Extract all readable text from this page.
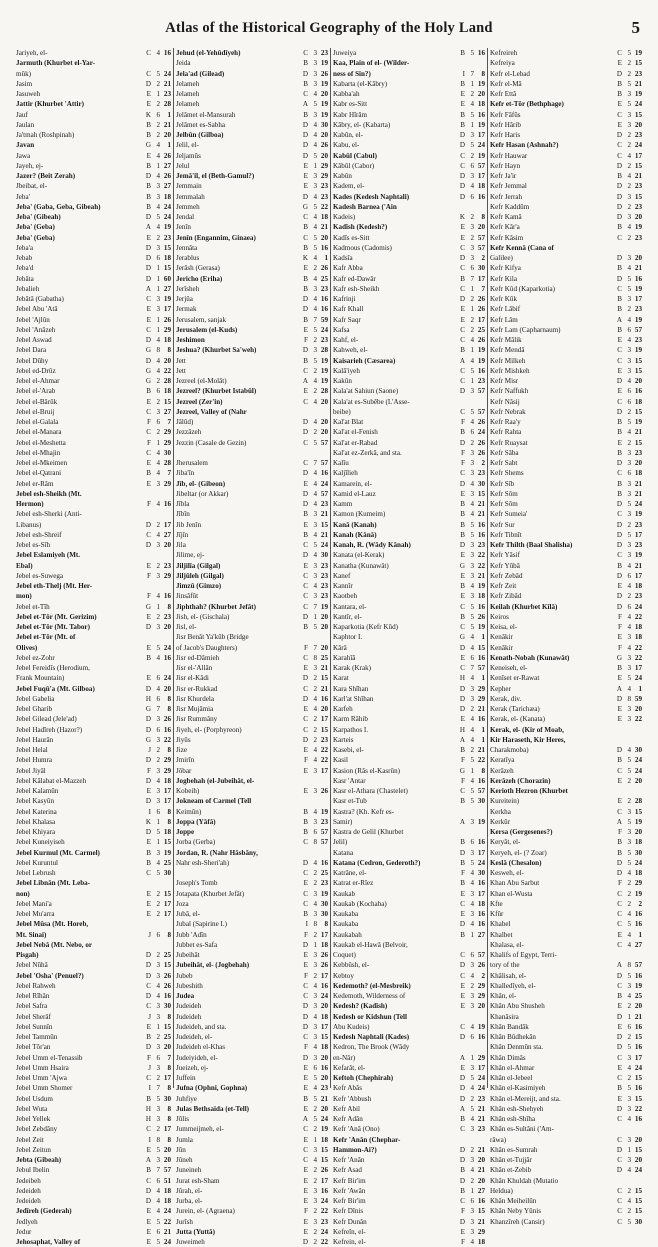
Atlas of the Historical Geography of the Holy Land	5
Jariyeh, el-	C 4 16
Jarmuth (Khurbet el-Yar-
mûk)	C 5 24
Jasim	D 2 21
Jasuweh	E 1 23
Jattir (Khurbet 'Attir)	E 2 28
Jauf	K 6	1
Jaulan	B 2 21
Ja'tmah (Roshpinah)	B 2 20
Javan	G 4	1
Jawa	E 4 26
Jayeh, ej-	B 1 27
Jazer? (Beit Zerah)	D 4 26
Jbeibat, el-	B 3 27
Jeba'	B 3 18
Jeba' (Gaba, Geba, Gibeah)	B 4 24
Jeba' (Gibeah)	D 5 24
Jeba' (Geba)	A 4 19
Jeba' (Geba)	E 2 23
Jeba'a	D 3 15
Jebab	D 6 18
Jeba'd	D 1 15
Jebâta	D 1 60
Jebalieh	A 1 27
Jebâtâ (Gabatha)	C 3 19
Jebel Abu 'Atâ	E 3 17
Jebel 'Ajlûn	E 1 26
Jebel 'Anâzeh	C 1 29
Jebel Aswad	D 4 18
Jebel Dara	G 8	8
Jebel Dûhy	D 4 20
Jebel ed-Drûz	G 4 22
Jebel el-Ahmar	G 2 28
Jebel el-'Arab	B 6 18
Jebel el-Bârûk	E 2 15
Jebel el-Bruij	C 3 27
Jebel el-Galala	F 6	7
Jebel el-Manara	C 2 29
Jebel el-Meshetta	F 1 29
Jebel el-Mhajin	C 4 30
Jebel el-Mkeimen	E 4 28
Jebel el-Qatrani	B 4	7
Jebel er-Râm	E 3 29
Jebel esh-Sheikh (Mt.
Hermon)	F 4 16
Jebel esh-Sherki (Anti-
Libanus)	D 2 17
Jebel esh-Shreif	C 4 27
Jebel es-Sîh	D 3 20
Jebel Eslamiyeh (Mt.
Ebal)	E 2 23
Jebel es-Suwega	F 3 29
Jebel eth-Thelj (Mt. Her-
mon)	F 4 16
Jebel et-Tîh	G 1	8
Jebel et-Tôr (Mt. Gerizim)	E 2 23
Jebel et-Tôr (Mt. Tabor)	D 3 20
Jebel et-Tôr (Mt. of
Olives)	E 5 24
Jebel ez-Zohr	B 4 16
Jebel Fereidîs (Herodium,
Frank Mountain)	E 6 24
Jebel Fuqû'a (Mt. Gilboa)	D 4 20
Jebel Gabelia	H 6	8
Jebel Gharib	G 7	8
Jebel Gilead (Jele'ad)	D 3 26
Jebel Hadîreh (Hazor?)	D 6 16
Jebel Haurân	G 3 22
Jebel Helal	J 2	8
Jebel Humra	D 2 29
Jebel Jiyâl	F 3 29
Jebel Kâlabat el-Mazzeh	D 4 18
Jebel Kalamûn	E 3 17
Jebel Kasyûn	D 3 17
Jebel Katerina	I 6	8
Jebel Khalasa	K 1	8
Jebel Khiyara	D 5 18
Jebel Kuneiyiseh	E 1 15
Jebel Kurmul (Mt. Carmel)	B 3 19
Jebel Kuruntul	B 4 25
Jebel Lebrush	C 5 30
Jebel Libnân (Mt. Leba-
non)	E 2 15
Jebel Mani'a	E 2 17
Jebel Mu'arra	E 2 17
Jebel Mûsa (Mt. Horeb,
Mt. Sinai)	J 6	8
Jebel Nebâ (Mt. Nebo, or
Pisgah)	D 2 25
Jebel Nûhâ	D 3 15
Jebel 'Osha' (Penuel?)	D 3 26
Jebel Rahweh	C 4 26
Jebel Rîhân	D 4 16
Jebel Safra	C 3 30
Jebel Sherâf	J 3	8
Jebel Sunnîn	E 1 15
Jebel Tammûn	B 2 25
Jebel Tôr'an	D 3 20
Jebel Umm el-Tenassib	F 6	7
Jebel Umm Hsaira	J 3	8
Jebel Umm 'Ajwa	C 2 17
Jebel Umm Shomer	I 7	8
Jebel Usdum	B 5 30
Jebel Wuta	H 3	8
Jebel Yellek	H 3	8
Jebel Zebdâny	C 2 17
Jebel Zeit	I 8	8
Jebel Zeitun	E 5 20
Jebta (Gibeah)	A 3 20
Jebul Ibelin	B 7 57
Jedeibeh	C 6 51
Jedeideh	D 4 18
Jedeideh	D 4 18
Jedîreh (Gederah)	E 4 24
Jedlyeh	E 5 22
Jedur	E 6 21
Jehosaphat, Valley of	E 5 24
Jehud (el-Yehûdîyeh)	C 3 23
Jeida	B 3 19
Jela'ad (Gilead)	D 3 26
Jelameh	B 3 19
Jelameh	C 4 20
Jelameh	A 5 19
Jelâmet el-Mansurah	B 3 19
Jelâmet es-Sabha	D 4 30
Jelbûn (Gilboa)	D 4 20
Jelil, el-	D 4 26
Jeljamûs	D 5 20
Jelul	E 1 29
Jemâ'il, el (Beth-Gamul?)	E 3 29
Jemmain	E 3 23
Jemmalah	D 4 23
Jemmeh	G 5 22
Jendal	C 4 18
Jenîn	B 4 21
Jenîn (Engannim, Ginaea)	C 5 20
Jennâta	B 5 16
Jerablus	K 4	1
Jerâsh (Gerasa)	E 2 26
Jericho (Eriha)	B 4 25
Jerîsheh	B 3 23
Jerjûa	D 4 16
Jermak	D 4 16
Jerusalem, sanjak	B 7 59
Jerusalem (el-Kuds)	E 5 24
Jeshimon	F 2 23
Jeshua? (Khurbet Sa'weh)	D 3 28
Jett	B 5 19
Jett	C 2 19
Jezreel (el-Molât)	A 4 19
Jezreel? (Khurbet Istabûl)	E 2 28
Jezreel (Zer'in)	C 4 20
Jezreel, Valley of (Nahr
Jâlûd)	D 4 20
Jezzâzeh	D 2 20
Jezzin (Casale de Gezin)	C 5 57
Jherusalem	C 7 57
Jiba'în	D 4 16
Jîb, el- (Gibeon)	E 4 24
Jibeltar (or Akkar)	D 4 57
Jîbla	D 4 23
Jîbîn	B 3 21
Jib Jenîn	E 3 15
Jîjîn	B 4 21
Jila	C 5 24
Jilime, ej-	D 4 30
Jiljilîa (Gilgal)	E 3 23
Jiljûleh (Gilgal)	C 3 23
Jimzû (Gimzo)	C 4 23
Jinsâfût	C 3 23
Jiphthah? (Khurbet Jefât)	C 7 19
Jish, el- (Gischala)	D 1 20
Jisl, el-	B 5 20
Jisr Benât Ya'kûb (Bridge
of Jacob's Daughters)	F 7 20
Jisr ed-Dâmieh	C 8 25
Jisr el-'Allân	E 3 21
Jisr el-Kâdi	D 2 15
Jisr er-Rukkad	C 2 21
Jisr Khurdela	D 4 16
Jisr Mujâmia	E 4 20
Jisr Rummâny	C 2 17
Jiyeh, el- (Porphyreon)	C 2 15
Jiyûs	D 2 23
Jize	E 4 22
Jmirîn	F 4 22
Jôbar	E 3 17
Jogbehah (el-Jubeihât, el-
Kobeih)	E 3 26
Jokneam of Carmel (Tell
Keimûn)	B 4 19
Joppa (Yâfâ)	B 3 23
Joppe	B 6 57
Jorba (Gerba)	C 8 57
Jordan, R. (Nahr Hâsbâny,
Nahr esh-Sheri'ah)	D 4 16
C 2 25
Joseph's Tomb	E 2 23
Jotapata (Khurbet Jefât)	C 3 19
Joza	C 4 30
Jubâ, el-	B 3 30
Jubal (Sapirine I.)	I 8	8
Jubb 'Adîn	F 2 17
Jubbet es-Safa	D 1 18
Jubeihât	E 3 26
Jubeihât, el- (Jogbehah)	E 3 26
Jubeb	F 2 17
Jubeshith	C 4 16
Judea	C 3 24
Judeideh	D 3 20
Judeideh	D 4 18
Judeideh, and sta.	D 3 17
Judeideh, el-	C 3 15
Judeideh el-Khas	F 4 18
Judeiyideh, el-	D 3 20
Jueizeh, ej-	E 6 16
Juffein	E 5 20
Jufna (Ophni, Gophna)	E 4 23
Juhfiye	B 5 21
Julas Bethsaida (et-Tell)	E 2 20
Jûlis	A 5 24
Jummeijmeh, el-	C 2 19
Jumla	E 1 18
Jûn	C 3 15
Jûneh	C 4 15
Juneineh	E 2 26
Jurat esh-Sham	E 2 17
Jûrah, el-	E 3 16
Jurba, el-	E 3 24
Jurein, el- (Agraena)	F 2 22
Jurîsh	E 3 23
Jutta (Yuttâ)	E 2 24
Juweimeh	D 2 22
Juweiya	B 5 16
Kaa, Plain of el- (Wilder-
ness of Sin?)	I 7	8
Kabarta (el-Kâbry)	B 1 19
Kabba'ah	E 2 20
Kabr es-Sitt	E 4 18
Kabr Hîrâm	B 5 16
Kâbry, el- (Kabarta)	B 1 19
Kabûn, el-	D 3 17
Kabu, el-	D 5 24
Kabûl (Cabul)	C 2 19
Kâbûl (Cabor)	C 6 57
Kabûn	D 3 17
Kadem, el-	D 4 18
Kades (Kedesh Naphtali)	D 6 16
Kadesh Barnea ('Ain
Kadeis)	K 2	8
Kadîsh (Kedesh?)	E 3 20
Kadîs es-Sitt	E 2 57
Kadmous (Cadomis)	C 3 57
Kadsîa	D 3	2
Kafr Abba	C 6 30
Kafr ed-Dawâr	B 7 17
Kafr esh-Sheikh	C 1	7
Kafrinji	D 2 26
Kafr Khall	E 1 26
Kafr Saqr	E 2 17
Kafsa	C 2 25
Kahf, el-	C 4 26
Kahweh, el-	B 1 19
Kaisarieh (Cæsarea)	A 4 19
Kalâ'iyeh	C 5 16
Kakûn	C 1 23
Kala'at Sahiun (Saone)	D 3 57
Kala'at es-Subêbe (L'Asse-
beibe)	C 5 57
Kal'at Blat	F 4 26
Kal'at el-Fenish	B 6 24
Kal'at er-Rabad	D 2 26
Kal'at ez-Zerkâ, and sta.	F 3 26
Kalîu	F 3	2
Kaljîlieh	C 3 23
Kamarein, el-	D 4 30
Kamid el-Lauz	E 3 15
Kamm	B 4 21
Kamon (Kumeim)	B 4 21
Kanâ (Kanah)	B 5 16
Kanah (Kânâ)	B 5 16
Kanah, R. (Wâdy Kânah)	D 3 23
Kanata (el-Kerak)	E 3 22
Kanatha (Kunawât)	G 3 22
Kanef	E 3 21
Kannîr	B 4 19
Kaotbeh	E 3 18
Kantara, el-	C 5 16
Kantîr, el-	B 5 26
Kaparkotia (Kefr Kûd)	C 5 19
Kaphtor I.	G 4	1
Kârâ	D 4 15
Karahîâ	E 6 16
Karak (Krak)	C 7 57
Karat	H 4	1
Kara Shîhan	D 3 29
Karl'at Shîhan	D 3 29
Karfeh	D 2 21
Karm Râhib	E 4 16
Karpathos I.	H 4	1
Karteis	A 4	1
Kasebi, el-	B 2 21
Kasil	F 5 22
Kasion (Râs el-Kasrûn)	G 1	8
Kasr 'Antar	F 4 16
Kasr el-Athara (Chastelet)	C 5 57
Kasr et-Tub	B 5 30
Kastra? (Kh. Kefr es-
Samir)	A 3 19
Kastra de Gelil (Khurbet
Jelil)	B 6 16
Katana	D 3 17
Katana (Cedron, Gederoth?)	B 5 24
Katrâne, el-	F 4 30
Katrat er-Rîez	B 4 16
Kaukab	E 3 17
Kaukab (Kochaba)	C 4 18
Kaukaba	E 3 16
Kaukaba	D 4 16
Kaukabah	B 1 27
Kaukab el-Hawâ (Belvoir,
Coquet)	C 6 57
Kebbûsh, el-	D 3 26
Kebtoy	C 4	2
Kedemoth? (el-Mesbreik)	E 2 29
Kedemoth, Wilderness of	E 3 29
Kedesh? (Kadîsh)	E 3 20
Kedesh or Kidshun (Tell
Abu Kudeis)	C 4 19
Kedesh Naphtali (Kades)	D 6 16
Kedron, The Brook (Wâdy
en-Nâr)	A 1 29
Kefarât, el-	E 3 17
Keftoh (Chephirah)	D 5 24
Kefr Abâs	D 4 24
Kefr 'Abbush	D 2 23
Kefr Abil	A 5 21
Kefr Adân	B 4 21
Kefr 'Anâ (Ono)	C 3 23
Kefr 'Anân (Chephar-
Hammon-Ai?)	D 2 21
Kefr 'Anân	D 3 20
Kefr Asad	B 4 21
Kefr Bir'im	D 2 20
Kefr 'Awân	B 1 27
Kefr Bir'im	C 6 16
Kefr Dînis	F 3 15
Kefr Dunân	D 3 21
Kefreîn, el-	E 3 29
Kefrein, el-	F 4 18
Kefreireh	C 5 19
Kefreiya	E 2 15
Kefr el-Lebad	D 2 23
Kefr el-Mâ	B 5 21
Kefr Ettâ	B 3 19
Kefr et-Tôr (Bethphage)	E 5 24
Kefr Fâfûs	C 3 15
Kefr Hârib	E 3 20
Kefr Haris	D 2 23
Kefr Hasan (Ashnah?)	C 2 24
Kefr Hauwar	C 4 17
Kefr Hayn	D 2 15
Kefr Ja'ir	B 4 21
Kefr Jemmal	D 2 23
Kefr Jerrah	D 3 15
Kefr Kaddûm	D 2 23
Kefr Kamâ	D 3 20
Kefr Kâr'a	B 4 19
Kefr Kâsim	C 2 23
Kefr Kennâ (Cana of
Galilee)	D 3 20
Kefr Kifya	B 4 21
Kefr Kila	D 5 16
Kefr Kûd (Kaparkotia)	C 5 19
Kefr Kûk	B 3 17
Kefr Lâbif	B 2 23
Kefr Lâm	A 4 19
Kefr Lam (Capharnaum)	B 6 57
Kefr Mâlik	E 4 23
Kefr Mendâ	C 3 19
Kefr Milkeh	C 3 15
Kefr Mishkeh	E 3 15
Kefr Misr	D 4 20
Kefr Naffukh	E 6 16
Kefr Nâsij	C 6 18
Kefr Nebrak	D 2 15
Kefr Raa'y	B 5 19
Kefr Rahta	B 4 21
Kefr Ruaysat	E 2 15
Kefr Sâba	B 3 23
Kefr Sabt	D 3 20
Kefr Shems	C 6 18
Kefr Sîb	B 3 21
Kefr Sôm	B 3 21
Kefr Sôm	D 5 24
Kefr Sumeia'	C 3 19
Kefr Sur	D 2 23
Kefr Tibnît	D 5 17
Kefr Thilth (Baal Shalisha)	D 3 23
Kefr Yâsif	C 3 19
Kefr Yûbâ	B 4 21
Kefr Zebâd	D 6 17
Kefr Zeit	E 4 18
Kefr Zibâd	D 2 23
Keilah (Khurbet Kîlâ)	D 6 24
Keiros	F 4 22
Keisa, el-	F 4 18
Kenâkir	E 3 18
Kenâkir	F 4 22
Kenath-Nobah (Kunawât)	G 3 22
Keneiseh, el-	B 3 17
Kenîset er-Rawat	E 5 24
Kepher	A 4	1
Kerak, div.	D 8 59
Kerak (Tarichæa)	E 3 20
Kerak, el- (Kanata)	E 3 22
Kerak, el- (Kir of Moab,
Kir Haraseth, Kir Heres,
Charakmoba)	D 4 30
Keratîya	B 5 24
Kerâzeh	C 5 24
Kerâzeh (Chorazin)	E 2 20
Kerioth Hezron (Khurbet
Kureitein)	E 2 28
Kerkha	C 3 15
Kerkûr	A 5 19
Kersa (Gergesenes?)	F 3 20
Keryât, el-	B 3 18
Keryeh, el- (? Zoar)	B 5 30
Keslâ (Chesalon)	D 5 24
Kesweh, el-	D 4 18
Khan Abu Sarbut	F 2 29
Khan el-Wusta	C 2 19
Kfte	C 2	2
Kfûr	C 4 16
Khabel	C 5 16
Khalbet	E 4	1
Khalasa, el-	C 4 27
Khalifs of Egypt, Terri-
tory of the	A 8 57
Khâlisah, el-	D 5 16
Khalledîyeh, el-	C 3 19
Khân, el-	B 4 25
Khân Abu Shusheh	E 2 20
Khanâsira	D 1 21
Khân Bandâk	E 6 16
Khân Bûdhekân	D 2 15
Khân Denmûn sta.	D 5 16
Khân Dimâs	C 3 17
Khân el-Ahmar	E 4 24
Khân el-Jebeel	C 2 15
Khân el-Kasimiyeh	B 5 16
Khân el-Mereijt, and sta.	E 3 15
Khân esh-Shehyeh	D 3 22
Khân esh-Shîha	C 4 16
Khân es-Sultâni ('Am-
râwa)	C 3 20
Khân es-Sumrah	D 1 15
Khân et-Tujjâr	C 3 20
Khân et-Zebib	D 4 24
Khân Khuldah (Mutatio
Heldua)	C 2 15
Khân Meiheilûn	C 4 15
Khân Neby Yûnis	C 2 15
Khanzîreh (Cansir)	C 5 30
